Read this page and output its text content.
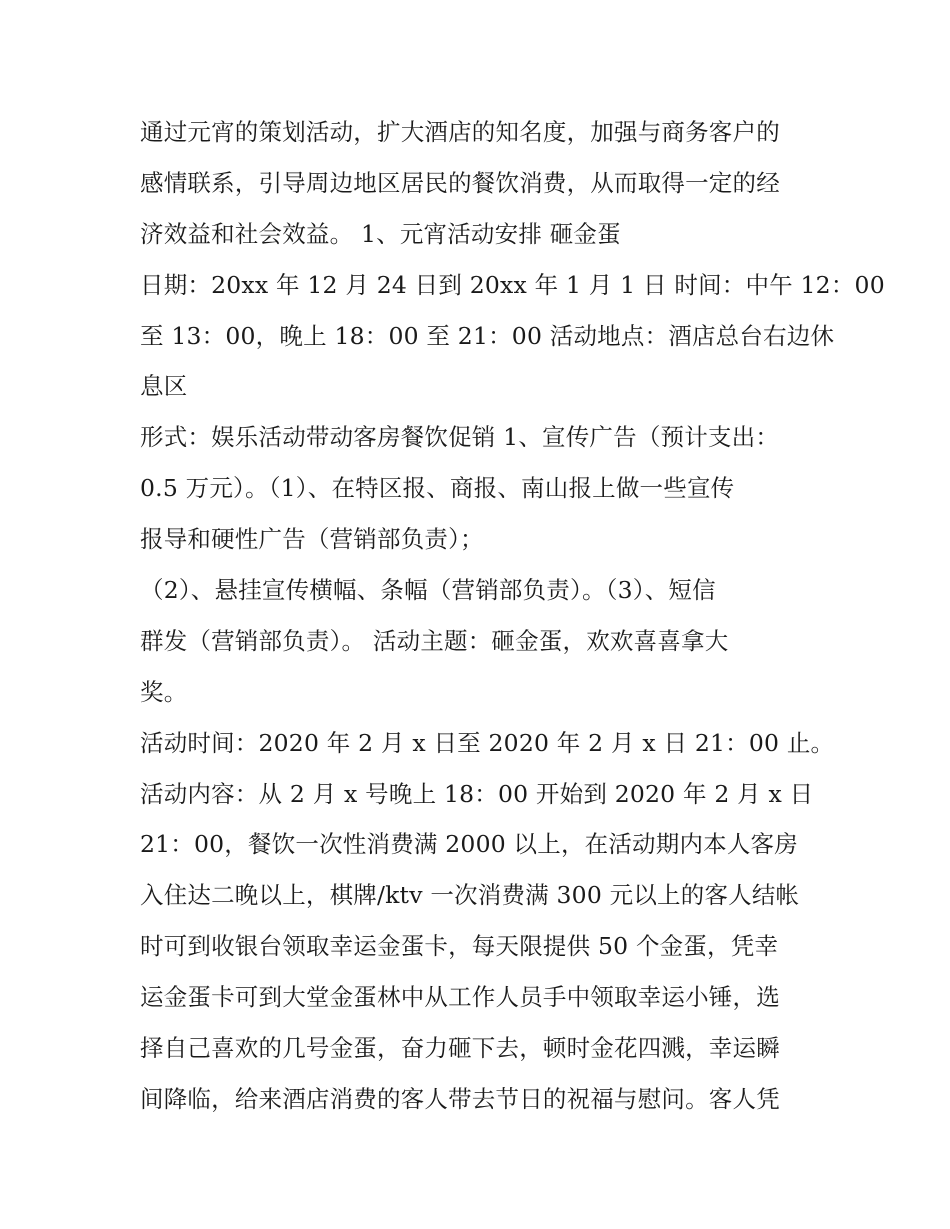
通过元宵的策划活动，扩大酒店的知名度，加强与商务客户的
感情联系，引导周边地区居民的餐饮消费，从而取得一定的经
济效益和社会效益。 1、元宵活动安排 砸金蛋
日期：20xx 年 12 月 24 日到 20xx 年 1 月 1 日 时间：中午 12：00
至 13：00，晚上 18：00 至 21：00 活动地点：酒店总台右边休
息区
形式：娱乐活动带动客房餐饮促销 1、宣传广告（预计支出：
0.5 万元）。（1）、在特区报、商报、南山报上做一些宣传
报导和硬性广告（营销部负责）；
（2）、悬挂宣传横幅、条幅（营销部负责）。（3）、短信
群发（营销部负责）。 活动主题：砸金蛋，欢欢喜喜拿大
奖。
活动时间：2020 年 2 月 x 日至 2020 年 2 月 x 日 21：00 止。
活动内容：从 2 月 x 号晚上 18：00 开始到 2020 年 2 月 x 日
21：00，餐饮一次性消费满 2000 以上，在活动期内本人客房
入住达二晚以上，棋牌/ktv 一次消费满 300 元以上的客人结帐
时可到收银台领取幸运金蛋卡，每天限提供 50 个金蛋，凭幸
运金蛋卡可到大堂金蛋林中从工作人员手中领取幸运小锤，选
择自己喜欢的几号金蛋，奋力砸下去，顿时金花四溅，幸运瞬
间降临，给来酒店消费的客人带去节日的祝福与慰问。客人凭
